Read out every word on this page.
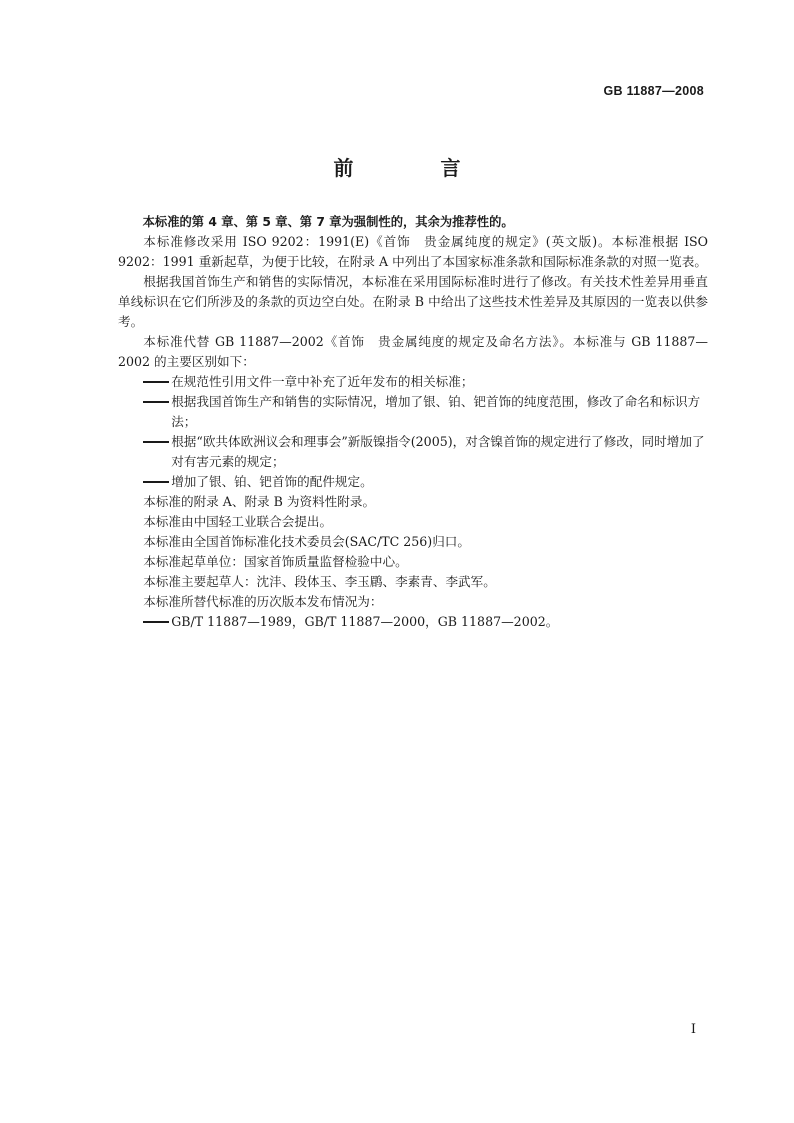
GB 11887—2008
前 言

本标准的第 4 章、第 5 章、第 7 章为强制性的，其余为推荐性的。

本标准修改采用 ISO 9202：1991(E)《首饰　贵金属纯度的规定》(英文版)。本标准根据 ISO 9202：1991 重新起草，为便于比较，在附录 A 中列出了本国家标准条款和国际标准条款的对照一览表。

根据我国首饰生产和销售的实际情况，本标准在采用国际标准时进行了修改。有关技术性差异用垂直单线标识在它们所涉及的条款的页边空白处。在附录 B 中给出了这些技术性差异及其原因的一览表以供参考。

本标准代替 GB 11887—2002《首饰　贵金属纯度的规定及命名方法》。本标准与 GB 11887—2002 的主要区别如下：

在规范性引用文件一章中补充了近年发布的相关标准；

根据我国首饰生产和销售的实际情况，增加了银、铂、钯首饰的纯度范围，修改了命名和标识方法；

根据“欧共体欧洲议会和理事会”新版镍指令(2005)，对含镍首饰的规定进行了修改，同时增加了对有害元素的规定；

增加了银、铂、钯首饰的配件规定。

本标准的附录 A、附录 B 为资料性附录。

本标准由中国轻工业联合会提出。

本标准由全国首饰标准化技术委员会(SAC/TC 256)归口。

本标准起草单位：国家首饰质量监督检验中心。

本标准主要起草人：沈沣、段体玉、李玉鹛、李素青、李武军。

本标准所替代标准的历次版本发布情况为：

GB/T 11887—1989，GB/T 11887—2000，GB 11887—2002。

I
